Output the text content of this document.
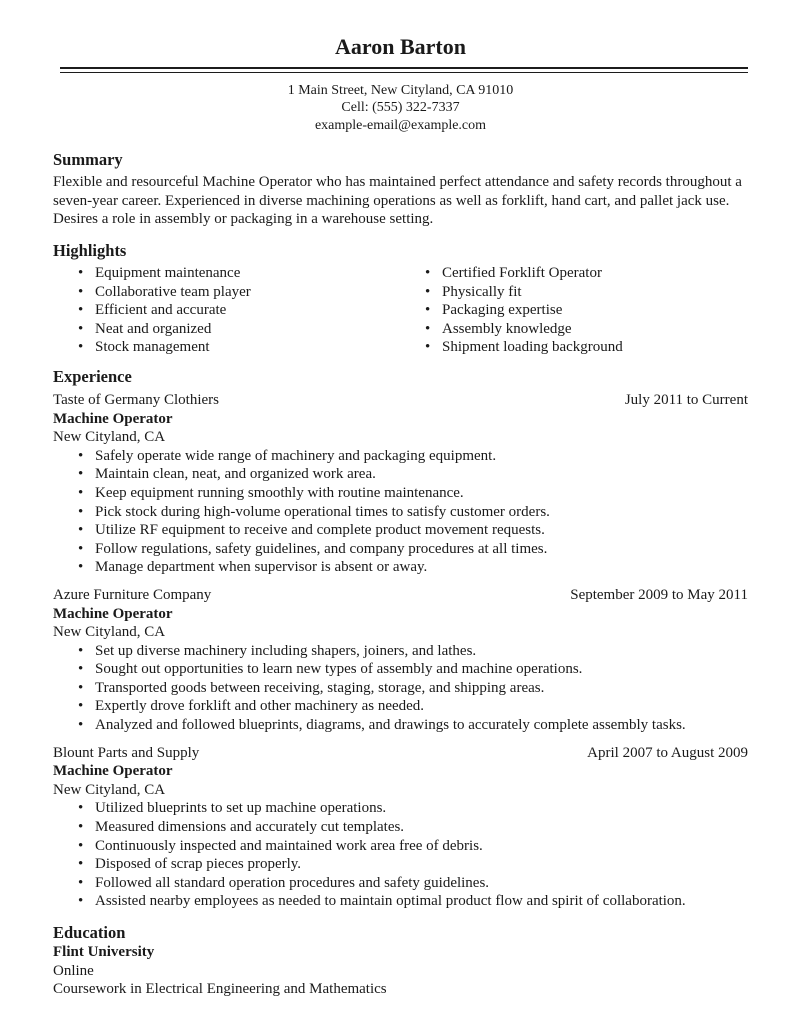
Aaron Barton
1 Main Street, New Cityland, CA 91010
Cell: (555) 322-7337
example-email@example.com
Summary
Flexible and resourceful Machine Operator who has maintained perfect attendance and safety records throughout a seven-year career. Experienced in diverse machining operations as well as forklift, hand cart, and pallet jack use. Desires a role in assembly or packaging in a warehouse setting.
Highlights
• Equipment maintenance
• Collaborative team player
• Efficient and accurate
• Neat and organized
• Stock management
• Certified Forklift Operator
• Physically fit
• Packaging expertise
• Assembly knowledge
• Shipment loading background
Experience
Taste of Germany Clothiers	July 2011 to Current
Machine Operator
New Cityland, CA
• Safely operate wide range of machinery and packaging equipment.
• Maintain clean, neat, and organized work area.
• Keep equipment running smoothly with routine maintenance.
• Pick stock during high-volume operational times to satisfy customer orders.
• Utilize RF equipment to receive and complete product movement requests.
• Follow regulations, safety guidelines, and company procedures at all times.
• Manage department when supervisor is absent or away.
Azure Furniture Company	September 2009 to May 2011
Machine Operator
New Cityland, CA
• Set up diverse machinery including shapers, joiners, and lathes.
• Sought out opportunities to learn new types of assembly and machine operations.
• Transported goods between receiving, staging, storage, and shipping areas.
• Expertly drove forklift and other machinery as needed.
• Analyzed and followed blueprints, diagrams, and drawings to accurately complete assembly tasks.
Blount Parts and Supply	April 2007 to August 2009
Machine Operator
New Cityland, CA
• Utilized blueprints to set up machine operations.
• Measured dimensions and accurately cut templates.
• Continuously inspected and maintained work area free of debris.
• Disposed of scrap pieces properly.
• Followed all standard operation procedures and safety guidelines.
• Assisted nearby employees as needed to maintain optimal product flow and spirit of collaboration.
Education
Flint University
Online
Coursework in Electrical Engineering and Mathematics
